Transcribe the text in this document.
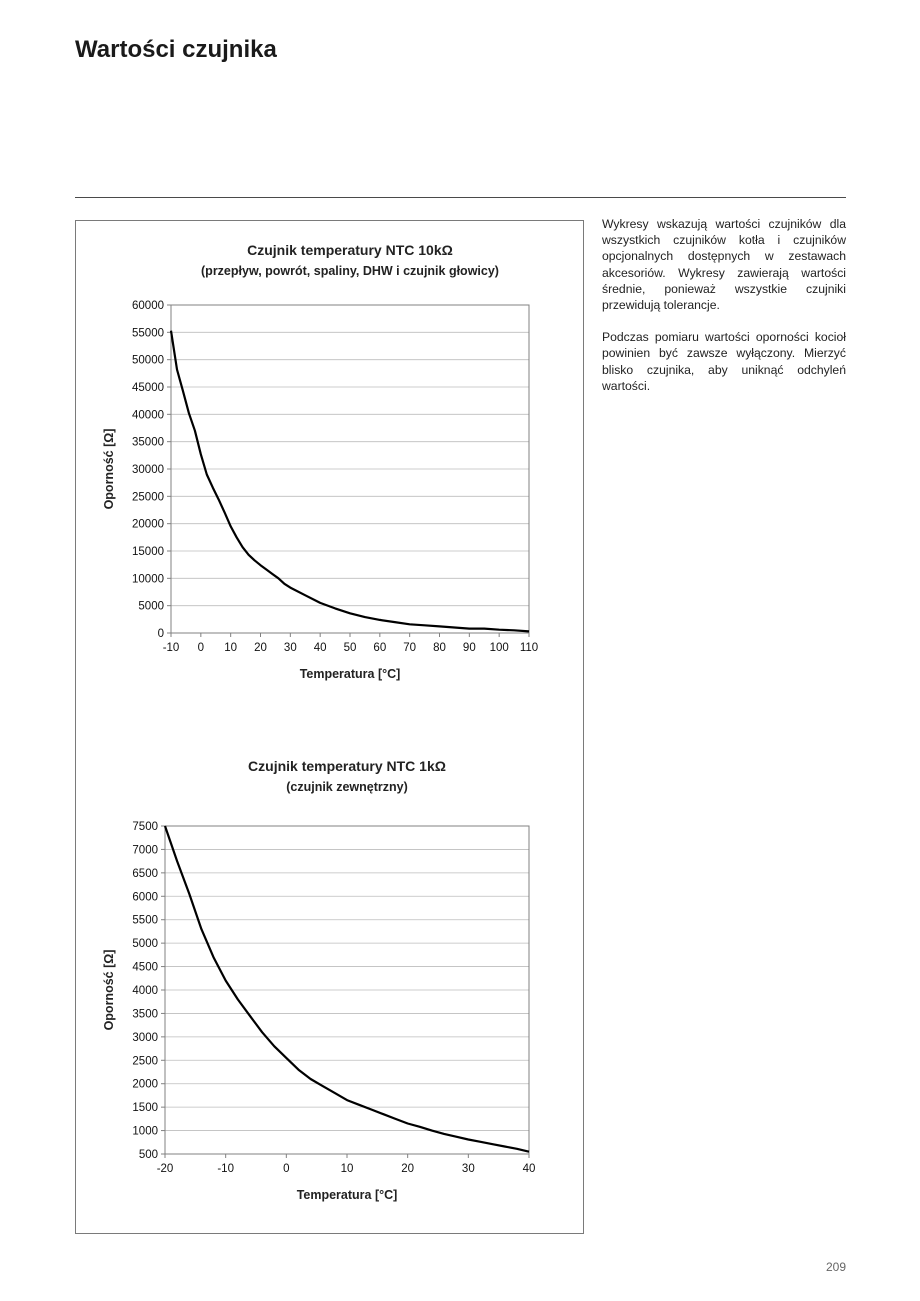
Wartości czujnika
Czujnik temperatury NTC 10kΩ
(przepływ, powrót, spaliny, DHW i czujnik głowicy)
0
5000
10000
15000
20000
25000
30000
35000
40000
45000
50000
55000
60000
-10 0 10 20 30 40 50 60 70 80 90 100 110
Temperatura [°C]
Oporność [Ω]
Czujnik temperatury NTC 1kΩ
(czujnik zewnętrzny)
500
1000
1500
2000
2500
3000
3500
4000
4500
5000
5500
6000
6500
7000
7500
-20	-10	0	10	20	30	40
Temperatura [°C]
Oporność [Ω]

Wykresy wskazują wartości czujników dla wszystkich czujników kotła i czujników opcjonalnych dostępnych w zestawach akcesoriów. Wykresy zawierają wartości średnie, ponieważ wszystkie czujniki przewidują tolerancje.

Podczas pomiaru wartości oporności kocioł powinien być zawsze wyłączony. Mierzyć blisko czujnika, aby uniknąć odchyleń wartości.

209
